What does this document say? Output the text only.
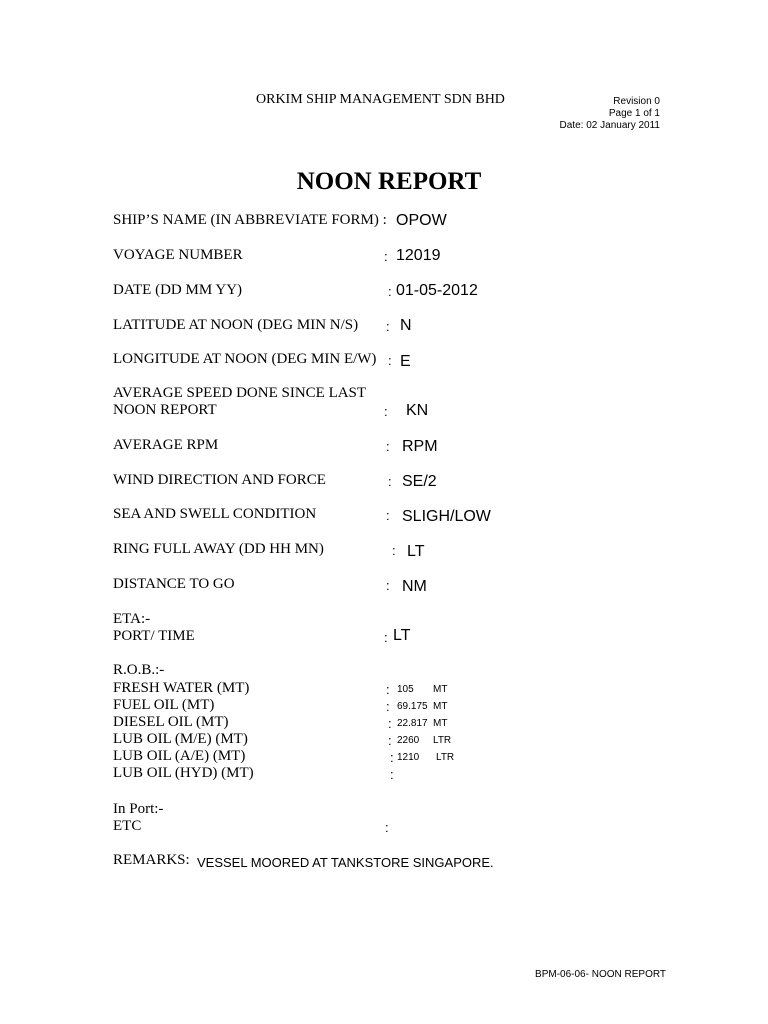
ORKIM SHIP MANAGEMENT SDN BHD	Revision 0
Page 1 of 1
Date: 02 January 2011
NOON REPORT
SHIP’S NAME (IN ABBREVIATE FORM) : OPOW
VOYAGE NUMBER	: 12019
DATE (DD MM YY)	: 01-05-2012
LATITUDE AT NOON (DEG MIN N/S) : N
LONGITUDE AT NOON (DEG MIN E/W) : E
AVERAGE SPEED DONE SINCE LAST
NOON REPORT	: KN
AVERAGE RPM	: RPM
WIND DIRECTION AND FORCE	: SE/2
SEA AND SWELL CONDITION	: SLIGH/LOW
RING FULL AWAY (DD HH MN)	: LT
DISTANCE TO GO	: NM
ETA:-
PORT/ TIME	: LT
R.O.B.:-
FRESH WATER (MT)	: 105 MT
FUEL OIL (MT)	: 69.175 MT
DIESEL OIL (MT)	: 22.817 MT
LUB OIL (M/E) (MT)	: 2260 LTR
LUB OIL (A/E) (MT)	: 1210 LTR
LUB OIL (HYD) (MT)	:
In Port:-
ETC	:
REMARKS: VESSEL MOORED AT TANKSTORE SINGAPORE.
BPM-06-06- NOON REPORT
